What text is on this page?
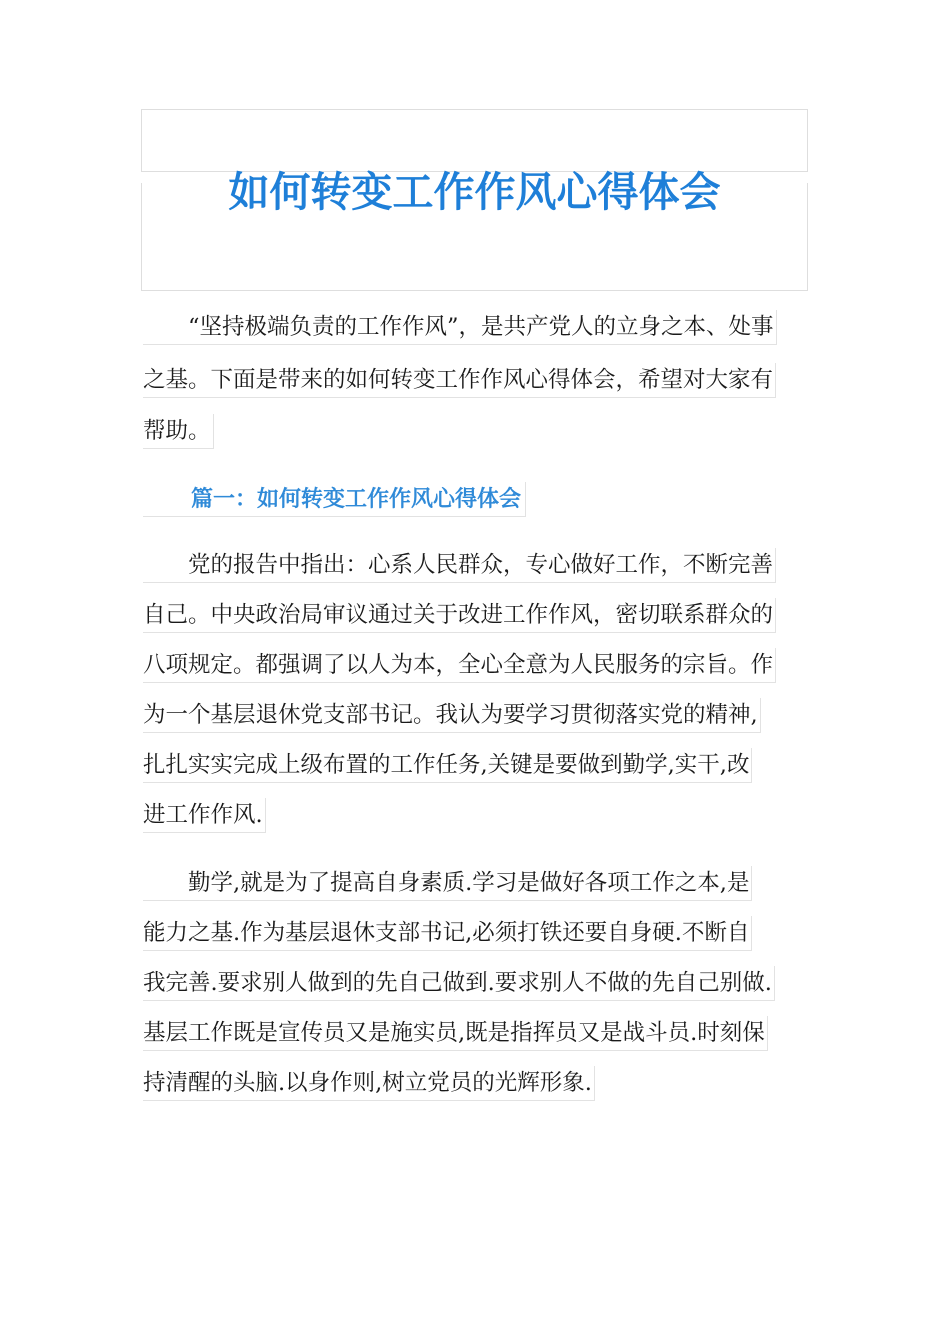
如何转变工作作风心得体会
“坚持极端负责的工作作风”，是共产党人的立身之本、处事
之基。下面是带来的如何转变工作作风心得体会，希望对大家有
帮助。
篇一：如何转变工作作风心得体会
党的报告中指出：心系人民群众，专心做好工作，不断完善
自己。中央政治局审议通过关于改进工作作风，密切联系群众的
八项规定。都强调了以人为本，全心全意为人民服务的宗旨。作
为一个基层退休党支部书记。我认为要学习贯彻落实党的精神,
扎扎实实完成上级布置的工作任务,关键是要做到勤学,实干,改
进工作作风.
勤学,就是为了提高自身素质.学习是做好各项工作之本,是
能力之基.作为基层退休支部书记,必须打铁还要自身硬.不断自
我完善.要求别人做到的先自己做到.要求别人不做的先自己别做.
基层工作既是宣传员又是施实员,既是指挥员又是战斗员.时刻保
持清醒的头脑.以身作则,树立党员的光辉形象.
